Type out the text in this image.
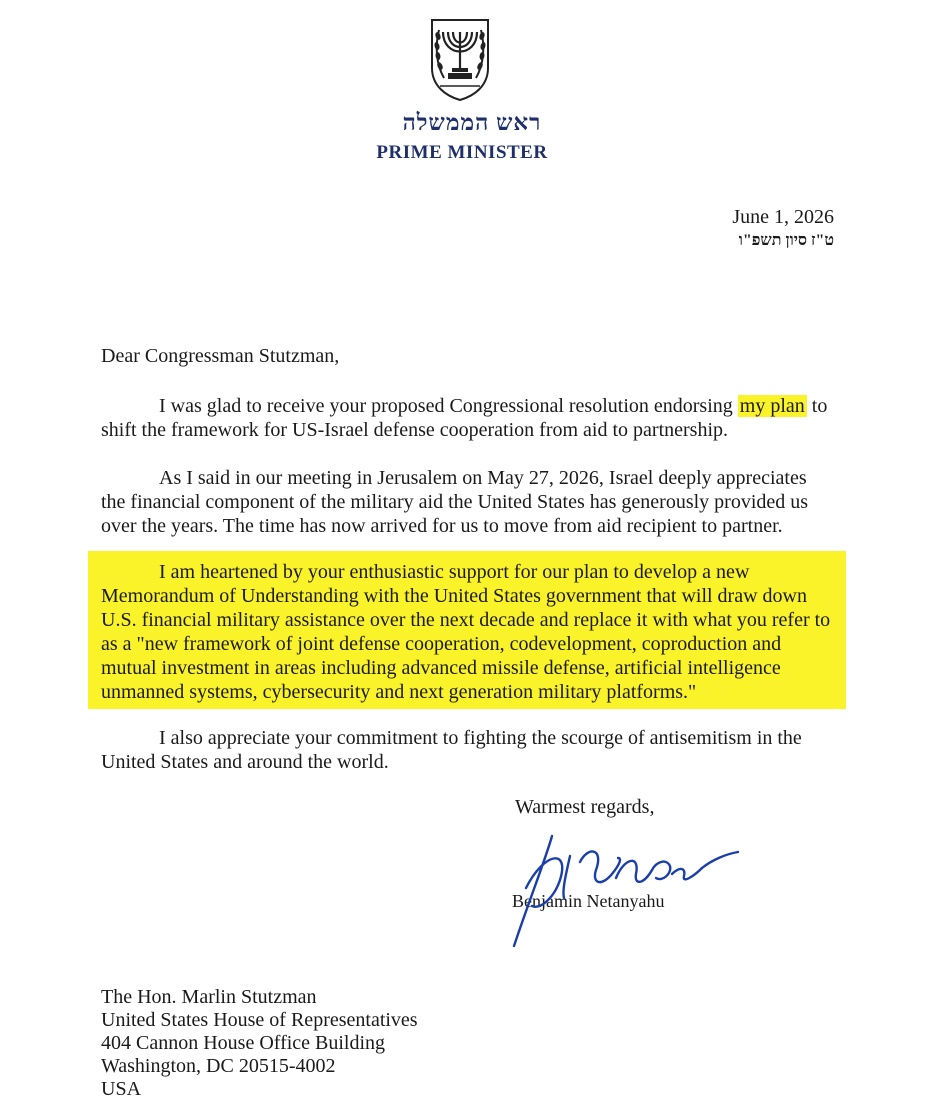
ראש הממשלה
PRIME MINISTER
June 1, 2026
ט"ז סיון תשפ"ו
Dear Congressman Stutzman,
I was glad to receive your proposed Congressional resolution endorsing my plan to shift the framework for US-Israel defense cooperation from aid to partnership.
As I said in our meeting in Jerusalem on May 27, 2026, Israel deeply appreciates the financial component of the military aid the United States has generously provided us over the years. The time has now arrived for us to move from aid recipient to partner.
I am heartened by your enthusiastic support for our plan to develop a new Memorandum of Understanding with the United States government that will draw down U.S. financial military assistance over the next decade and replace it with what you refer to as a "new framework of joint defense cooperation, codevelopment, coproduction and mutual investment in areas including advanced missile defense, artificial intelligence unmanned systems, cybersecurity and next generation military platforms."
I also appreciate your commitment to fighting the scourge of antisemitism in the United States and around the world.
Warmest regards,
Benjamin Netanyahu
The Hon. Marlin Stutzman
United States House of Representatives
404 Cannon House Office Building
Washington, DC 20515-4002
USA
